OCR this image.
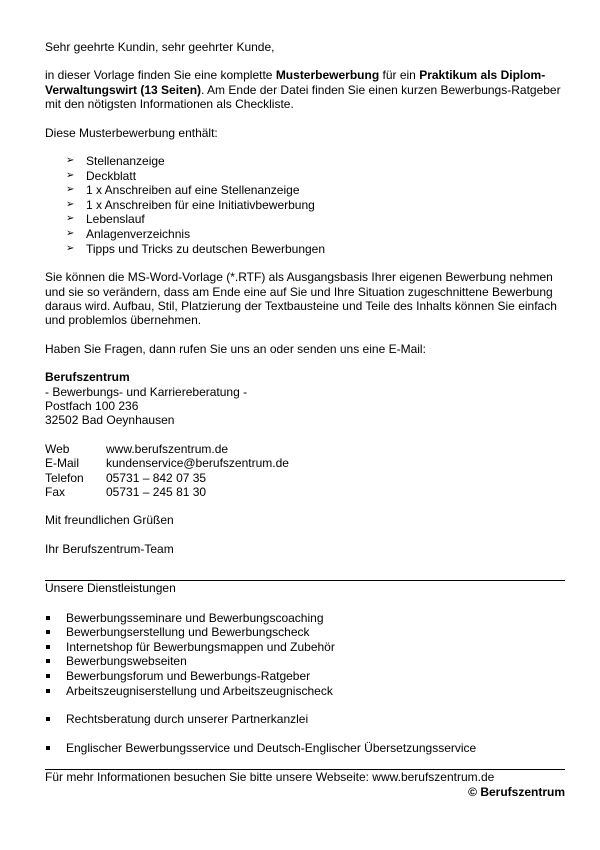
Sehr geehrte Kundin, sehr geehrter Kunde,

in dieser Vorlage finden Sie eine komplette Musterbewerbung für ein Praktikum als Diplom-Verwaltungswirt (13 Seiten). Am Ende der Datei finden Sie einen kurzen Bewerbungs-Ratgeber mit den nötigsten Informationen als Checkliste.

Diese Musterbewerbung enthält:

➢ Stellenanzeige
➢ Deckblatt
➢ 1 x Anschreiben auf eine Stellenanzeige
➢ 1 x Anschreiben für eine Initiativbewerbung
➢ Lebenslauf
➢ Anlagenverzeichnis
➢ Tipps und Tricks zu deutschen Bewerbungen

Sie können die MS-Word-Vorlage (*.RTF) als Ausgangsbasis Ihrer eigenen Bewerbung nehmen und sie so verändern, dass am Ende eine auf Sie und Ihre Situation zugeschnittene Bewerbung daraus wird. Aufbau, Stil, Platzierung der Textbausteine und Teile des Inhalts können Sie einfach und problemlos übernehmen.

Haben Sie Fragen, dann rufen Sie uns an oder senden uns eine E-Mail:

Berufszentrum

- Bewerbungs- und Karriereberatung -

Postfach 100 236

32502 Bad Oeynhausen

Web	www.berufszentrum.de
E-Mail	kundenservice@berufszentrum.de
Telefon	05731 – 842 07 35
Fax	05731 – 245 81 30

Mit freundlichen Grüßen

Ihr Berufszentrum-Team

Unsere Dienstleistungen

Bewerbungsseminare und Bewerbungscoaching
Bewerbungserstellung und Bewerbungscheck
Internetshop für Bewerbungsmappen und Zubehör
Bewerbungswebseiten
Bewerbungsforum und Bewerbungs-Ratgeber
Arbeitszeugniserstellung und Arbeitszeugnischeck
Rechtsberatung durch unserer Partnerkanzlei
Englischer Bewerbungsservice und Deutsch-Englischer Übersetzungsservice

Für mehr Informationen besuchen Sie bitte unsere Webseite: www.berufszentrum.de

© Berufszentrum
